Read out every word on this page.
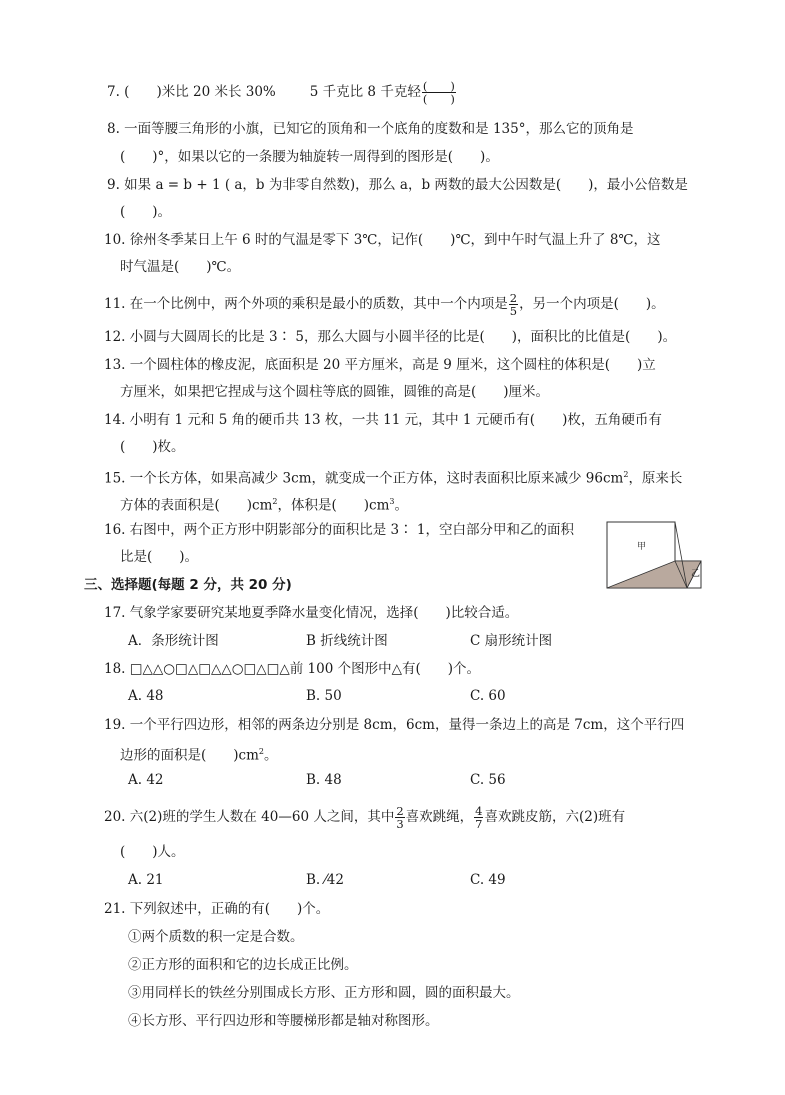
7. (　　)米比 20 米长 30%	5 千克比 8 千克轻 $\frac{( )}{( )}$
8. 一面等腰三角形的小旗，已知它的顶角和一个底角的度数和是 135°，那么它的顶角是
(　　)°，如果以它的一条腰为轴旋转一周得到的图形是(　　)。
9. 如果 a = b + 1 ( a，b 为非零自然数)，那么 a，b 两数的最大公因数是(　　)，最小公倍数是
(　　)。
10. 徐州冬季某日上午 6 时的气温是零下 3℃，记作(　　)℃，到中午时气温上升了 8℃，这
时气温是(　　)℃。
11. 在一个比例中，两个外项的乘积是最小的质数，其中一个内项是 $\frac{2}{5}$ ，另一个内项是(　　)。
12. 小圆与大圆周长的比是 3∶ 5，那么大圆与小圆半径的比是(　　)，面积比的比值是(　　)。
13. 一个圆柱体的橡皮泥，底面积是 20 平方厘米，高是 9 厘米，这个圆柱的体积是(　　)立
方厘米，如果把它捏成与这个圆柱等底的圆锥，圆锥的高是(　　)厘米。
14. 小明有 1 元和 5 角的硬币共 13 枚，一共 11 元，其中 1 元硬币有(　　)枚，五角硬币有
(　　)枚。
15. 一个长方体，如果高减少 3cm，就变成一个正方体，这时表面积比原来减少 $96cm^2$，原来长
方体的表面积是(　　)$cm^2$，体积是(　　)$cm^3$。
16. 右图中，两个正方形中阴影部分的面积比是 3∶ 1，空白部分甲和乙的面积
比是(　　)。
甲
乙
三、选择题(每题 2 分，共 20 分)
17. 气象学家要研究某地夏季降水量变化情况，选择(　　)比较合适。
A．条形统计图	B 折线统计图	C 扇形统计图
18. □△△○□△□△△○□△□△前 100 个图形中△有(　　)个。
A. 48	B. 50	C. 60
19. 一个平行四边形，相邻的两条边分别是 8cm，6cm，量得一条边上的高是 7cm，这个平行四
边形的面积是(　　)$cm^2$。
A. 42	B. 48	C. 56
20. 六(2)班的学生人数在 40—60 人之间，其中 $\frac{2}{3}$ 喜欢跳绳， $\frac{4}{7}$ 喜欢跳皮筋，六(2)班有
(　　)人。
A. 21	B. ⁄42	C. 49
21. 下列叙述中，正确的有(　　)个。
①两个质数的积一定是合数。
②正方形的面积和它的边长成正比例。
③用同样长的铁丝分别围成长方形、正方形和圆，圆的面积最大。
④长方形、平行四边形和等腰梯形都是轴对称图形。
